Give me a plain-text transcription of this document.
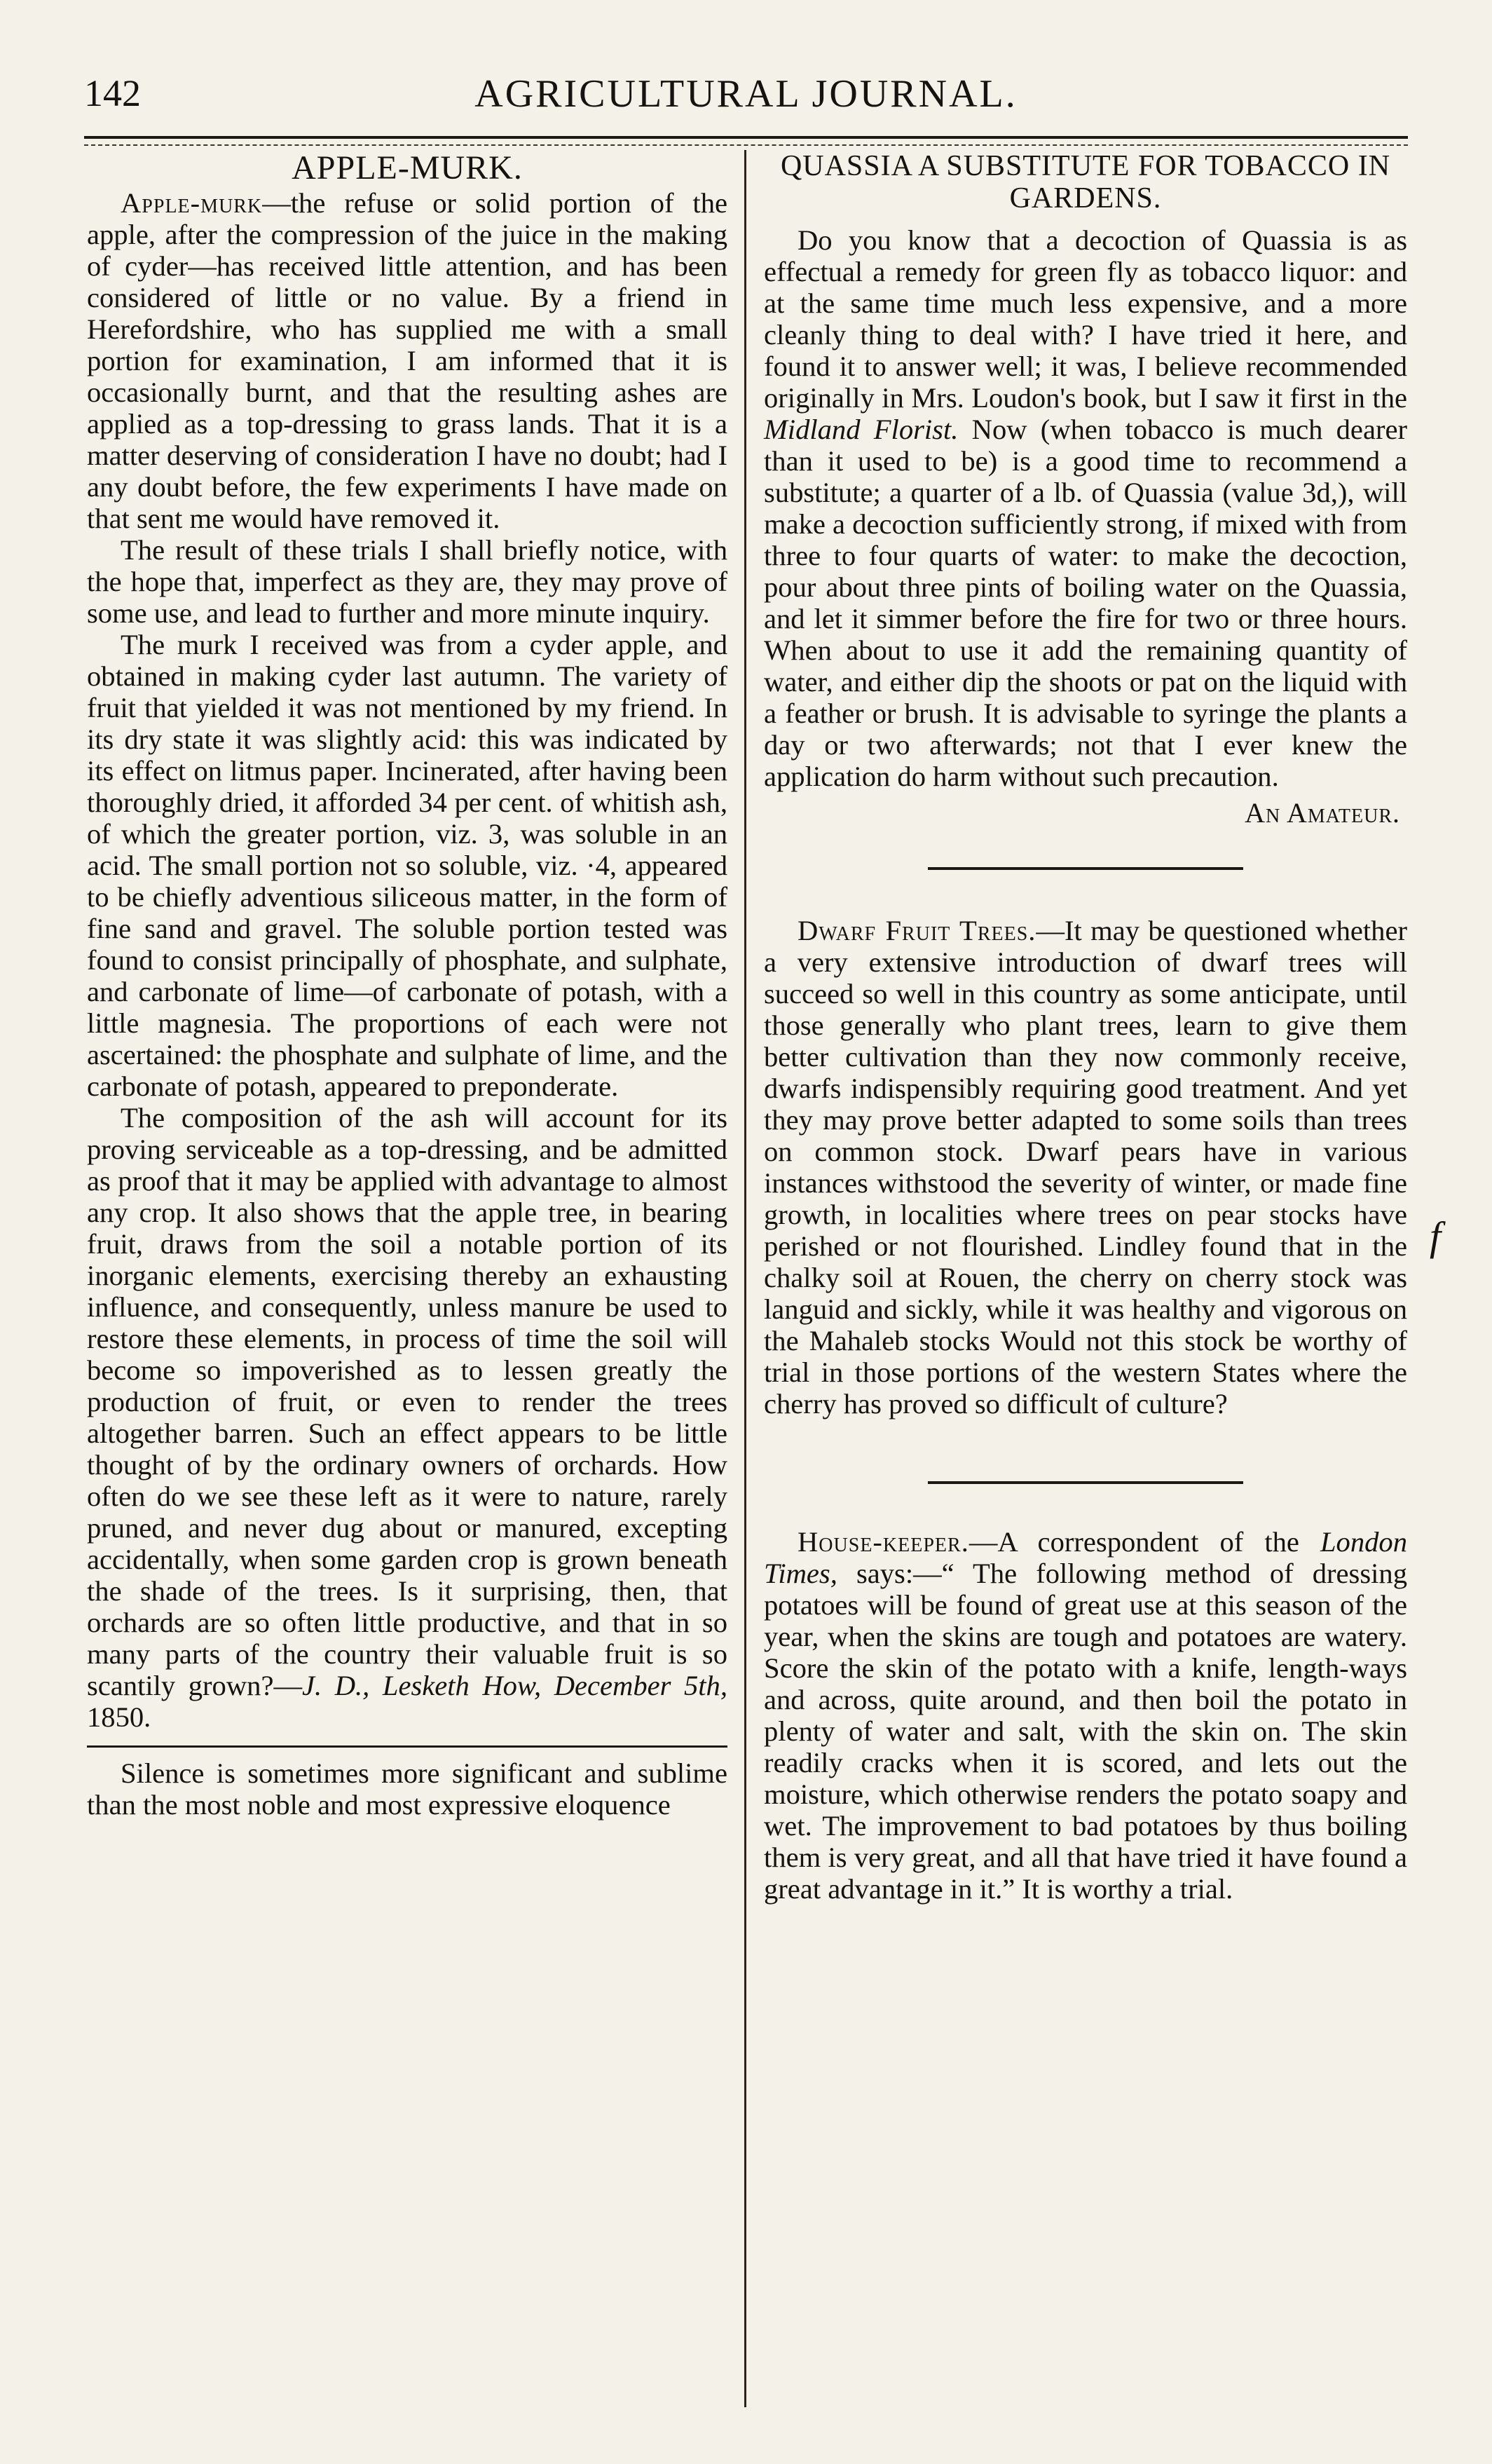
142	AGRICULTURAL JOURNAL.
APPLE-MURK.

Apple-murk—the refuse or solid portion of the apple, after the compression of the juice in the making of cyder—has received little attention, and has been considered of little or no value. By a friend in Herefordshire, who has supplied me with a small portion for examination, I am informed that it is occasionally burnt, and that the resulting ashes are applied as a top-dressing to grass lands. That it is a matter deserving of consideration I have no doubt; had I any doubt before, the few experiments I have made on that sent me would have removed it.

The result of these trials I shall briefly notice, with the hope that, imperfect as they are, they may prove of some use, and lead to further and more minute inquiry.

The murk I received was from a cyder apple, and obtained in making cyder last autumn. The variety of fruit that yielded it was not mentioned by my friend. In its dry state it was slightly acid: this was indicated by its effect on litmus paper. Incinerated, after having been thoroughly dried, it afforded 34 per cent. of whitish ash, of which the greater portion, viz. 3, was soluble in an acid. The small portion not so soluble, viz. ·4, appeared to be chiefly adventious siliceous matter, in the form of fine sand and gravel. The soluble portion tested was found to consist principally of phosphate, and sulphate, and carbonate of lime—of carbonate of potash, with a little magnesia. The proportions of each were not ascertained: the phosphate and sulphate of lime, and the carbonate of potash, appeared to preponderate.

The composition of the ash will account for its proving serviceable as a top-dressing, and be admitted as proof that it may be applied with advantage to almost any crop. It also shows that the apple tree, in bearing fruit, draws from the soil a notable portion of its inorganic elements, exercising thereby an exhausting influence, and consequently, unless manure be used to restore these elements, in process of time the soil will become so impoverished as to lessen greatly the production of fruit, or even to render the trees altogether barren. Such an effect appears to be little thought of by the ordinary owners of orchards. How often do we see these left as it were to nature, rarely pruned, and never dug about or manured, excepting accidentally, when some garden crop is grown beneath the shade of the trees. Is it surprising, then, that orchards are so often little productive, and that in so many parts of the country their valuable fruit is so scantily grown?—J. D., Lesketh How, December 5th, 1850.

Silence is sometimes more significant and sublime than the most noble and most expressive eloquence

QUASSIA A SUBSTITUTE FOR TOBACCO IN GARDENS.

Do you know that a decoction of Quassia is as effectual a remedy for green fly as tobacco liquor: and at the same time much less expensive, and a more cleanly thing to deal with? I have tried it here, and found it to answer well; it was, I believe recommended originally in Mrs. Loudon's book, but I saw it first in the Midland Florist. Now (when tobacco is much dearer than it used to be) is a good time to recommend a substitute; a quarter of a lb. of Quassia (value 3d,), will make a decoction sufficiently strong, if mixed with from three to four quarts of water: to make the decoction, pour about three pints of boiling water on the Quassia, and let it simmer before the fire for two or three hours. When about to use it add the remaining quantity of water, and either dip the shoots or pat on the liquid with a feather or brush. It is advisable to syringe the plants a day or two afterwards; not that I ever knew the application do harm without such precaution.

An Amateur.

Dwarf Fruit Trees.—It may be questioned whether a very extensive introduction of dwarf trees will succeed so well in this country as some anticipate, until those generally who plant trees, learn to give them better cultivation than they now commonly receive, dwarfs indispensibly requiring good treatment. And yet they may prove better adapted to some soils than trees on common stock. Dwarf pears have in various instances withstood the severity of winter, or made fine growth, in localities where trees on pear stocks have perished or not flourished. Lindley found that in the chalky soil at Rouen, the cherry on cherry stock was languid and sickly, while it was healthy and vigorous on the Mahaleb stocks Would not this stock be worthy of trial in those portions of the western States where the cherry has proved so difficult of culture?

House-keeper.—A correspondent of the London Times, says:—“ The following method of dressing potatoes will be found of great use at this season of the year, when the skins are tough and potatoes are watery. Score the skin of the potato with a knife, length-ways and across, quite around, and then boil the potato in plenty of water and salt, with the skin on. The skin readily cracks when it is scored, and lets out the moisture, which otherwise renders the potato soapy and wet. The improvement to bad potatoes by thus boiling them is very great, and all that have tried it have found a great advantage in it.” It is worthy a trial.

f
